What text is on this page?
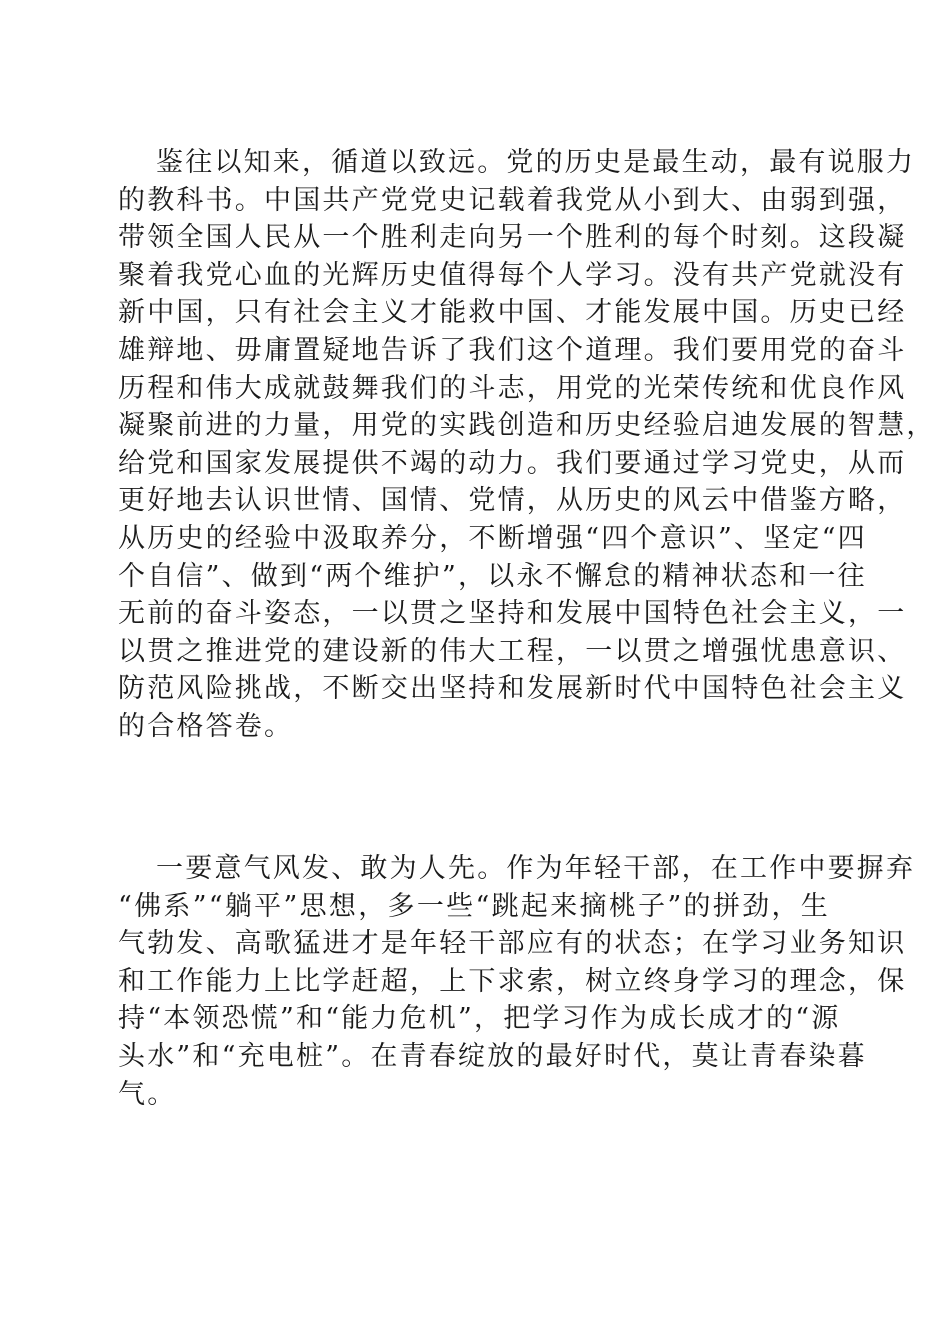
鉴往以知来，循道以致远。党的历史是最生动，最有说服力
的教科书。中国共产党党史记载着我党从小到大、由弱到强，
带领全国人民从一个胜利走向另一个胜利的每个时刻。这段凝
聚着我党心血的光辉历史值得每个人学习。没有共产党就没有
新中国，只有社会主义才能救中国、才能发展中国。历史已经
雄辩地、毋庸置疑地告诉了我们这个道理。我们要用党的奋斗
历程和伟大成就鼓舞我们的斗志，用党的光荣传统和优良作风
凝聚前进的力量，用党的实践创造和历史经验启迪发展的智慧，
给党和国家发展提供不竭的动力。我们要通过学习党史，从而
更好地去认识世情、国情、党情，从历史的风云中借鉴方略，
从历史的经验中汲取养分，不断增强“四个意识”、坚定“四
个自信”、做到“两个维护”，以永不懈怠的精神状态和一往
无前的奋斗姿态，一以贯之坚持和发展中国特色社会主义，一
以贯之推进党的建设新的伟大工程，一以贯之增强忧患意识、
防范风险挑战，不断交出坚持和发展新时代中国特色社会主义
的合格答卷。
一要意气风发、敢为人先。作为年轻干部，在工作中要摒弃
“佛系”“躺平”思想，多一些“跳起来摘桃子”的拼劲，生
气勃发、高歌猛进才是年轻干部应有的状态；在学习业务知识
和工作能力上比学赶超，上下求索，树立终身学习的理念，保
持“本领恐慌”和“能力危机”，把学习作为成长成才的“源
头水”和“充电桩”。在青春绽放的最好时代，莫让青春染暮
气。
